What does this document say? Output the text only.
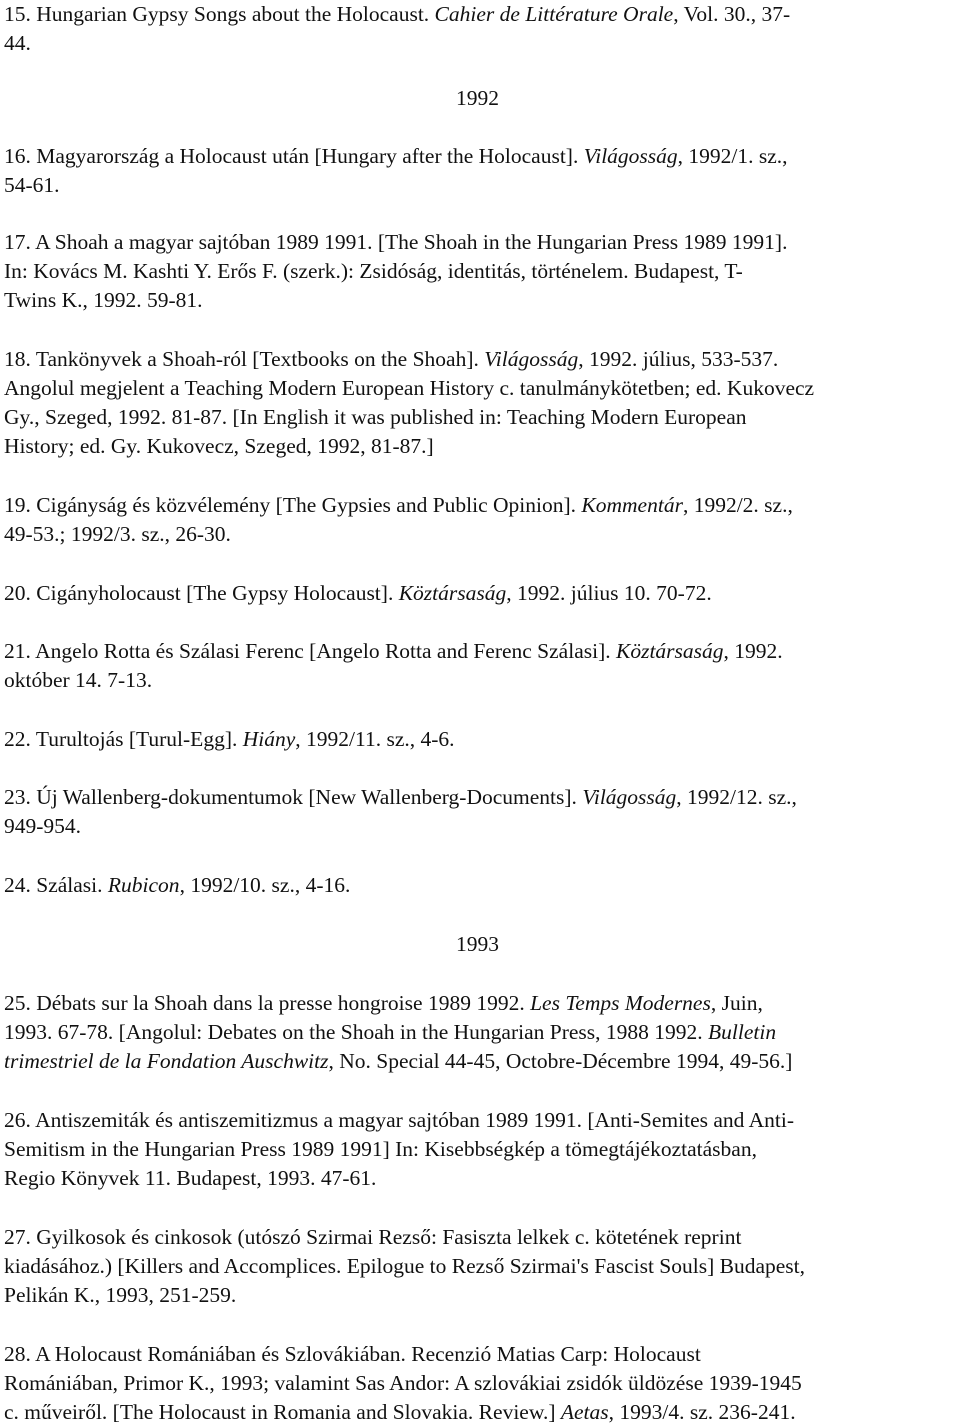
15. Hungarian Gypsy Songs about the Holocaust. Cahier de Littérature Orale, Vol. 30., 37-

44.

1992

16. Magyarország a Holocaust után [Hungary after the Holocaust]. Világosság, 1992/1. sz.,

54-61.

17. A Shoah a magyar sajtóban 1989 1991. [The Shoah in the Hungarian Press 1989 1991].

In: Kovács M. Kashti Y. Erős F. (szerk.): Zsidóság, identitás, történelem. Budapest, T-

Twins K., 1992. 59-81.

18. Tankönyvek a Shoah-ról [Textbooks on the Shoah]. Világosság, 1992. július, 533-537.

Angolul megjelent a Teaching Modern European History c. tanulmánykötetben; ed. Kukovecz

Gy., Szeged, 1992. 81-87. [In English it was published in: Teaching Modern European

History; ed. Gy. Kukovecz, Szeged, 1992, 81-87.]

19. Cigányság és közvélemény [The Gypsies and Public Opinion]. Kommentár, 1992/2. sz.,

49-53.; 1992/3. sz., 26-30.

20. Cigányholocaust [The Gypsy Holocaust]. Köztársaság, 1992. július 10. 70-72.

21. Angelo Rotta és Szálasi Ferenc [Angelo Rotta and Ferenc Szálasi]. Köztársaság, 1992.

október 14. 7-13.

22. Turultojás [Turul-Egg]. Hiány, 1992/11. sz., 4-6.

23. Új Wallenberg-dokumentumok [New Wallenberg-Documents]. Világosság, 1992/12. sz.,

949-954.

24. Szálasi. Rubicon, 1992/10. sz., 4-16.

1993

25. Débats sur la Shoah dans la presse hongroise 1989 1992. Les Temps Modernes, Juin,

1993. 67-78. [Angolul: Debates on the Shoah in the Hungarian Press, 1988 1992. Bulletin

trimestriel de la Fondation Auschwitz, No. Special 44-45, Octobre-Décembre 1994, 49-56.]

26. Antiszemiták és antiszemitizmus a magyar sajtóban 1989 1991. [Anti-Semites and Anti-

Semitism in the Hungarian Press 1989 1991] In: Kisebbségkép a tömegtájékoztatásban,

Regio Könyvek 11. Budapest, 1993. 47-61.

27. Gyilkosok és cinkosok (utószó Szirmai Rezső: Fasiszta lelkek c. kötetének reprint

kiadásához.) [Killers and Accomplices. Epilogue to Rezső Szirmai's Fascist Souls] Budapest,

Pelikán K., 1993, 251-259.

28. A Holocaust Romániában és Szlovákiában. Recenzió Matias Carp: Holocaust

Romániában, Primor K., 1993; valamint Sas Andor: A szlovákiai zsidók üldözése 1939-1945

c. műveiről. [The Holocaust in Romania and Slovakia. Review.] Aetas, 1993/4. sz. 236-241.
